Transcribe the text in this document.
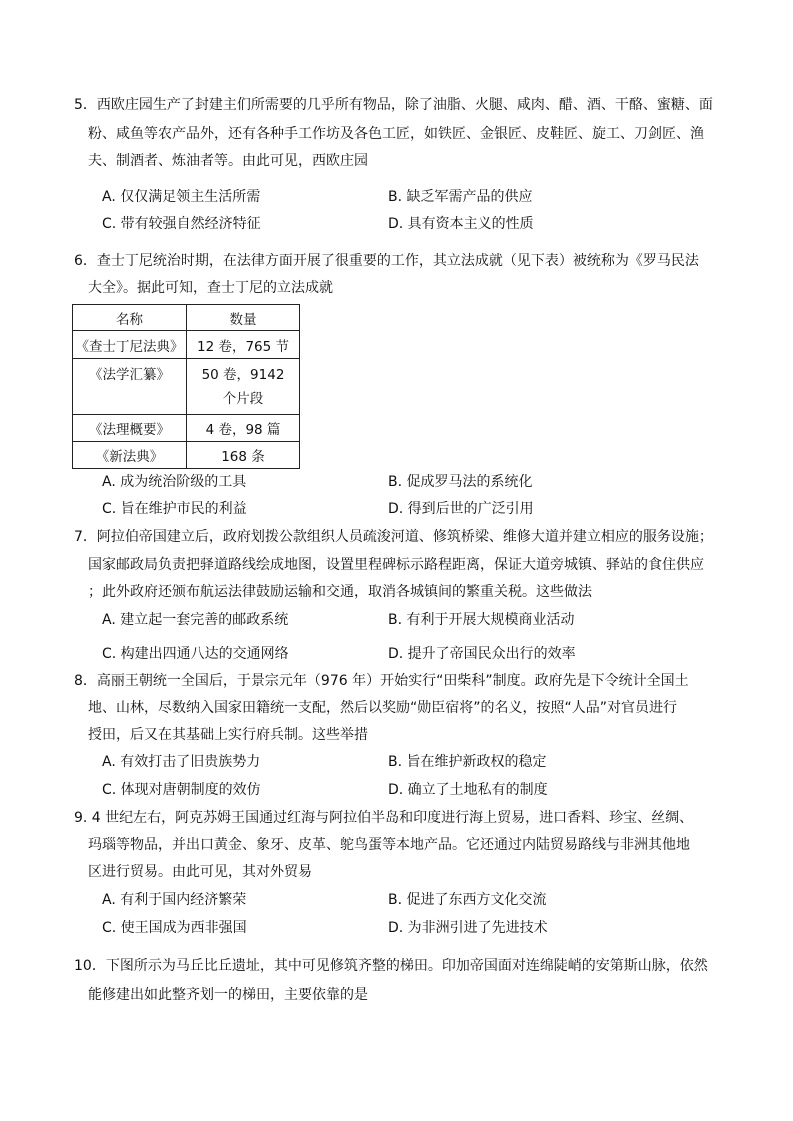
5．西欧庄园生产了封建主们所需要的几乎所有物品，除了油脂、火腿、咸肉、醋、酒、干酪、蜜糖、面
粉、咸鱼等农产品外，还有各种手工作坊及各色工匠，如铁匠、金银匠、皮鞋匠、旋工、刀剑匠、渔
夫、制酒者、炼油者等。由此可见，西欧庄园
A. 仅仅满足领主生活所需	B. 缺乏军需产品的供应
C. 带有较强自然经济特征	D. 具有资本主义的性质
6．查士丁尼统治时期，在法律方面开展了很重要的工作，其立法成就（见下表）被统称为《罗马民法
大全》。据此可知，查士丁尼的立法成就
名称	数量
《查士丁尼法典》	12 卷，765 节
《法学汇纂》	50 卷，9142 个片段
《法理概要》	4 卷，98 篇
《新法典》	168 条
A. 成为统治阶级的工具	B. 促成罗马法的系统化
C. 旨在维护市民的利益	D. 得到后世的广泛引用
7．阿拉伯帝国建立后，政府划拨公款组织人员疏浚河道、修筑桥梁、维修大道并建立相应的服务设施；
国家邮政局负责把驿道路线绘成地图，设置里程碑标示路程距离，保证大道旁城镇、驿站的食住供应
；此外政府还颁布航运法律鼓励运输和交通，取消各城镇间的繁重关税。这些做法
A. 建立起一套完善的邮政系统	B. 有利于开展大规模商业活动
C. 构建出四通八达的交通网络	D. 提升了帝国民众出行的效率
8．高丽王朝统一全国后，于景宗元年（976 年）开始实行“田柴科”制度。政府先是下令统计全国土
地、山林，尽数纳入国家田籍统一支配，然后以奖励“勋臣宿将”的名义，按照“人品”对官员进行
授田，后又在其基础上实行府兵制。这些举措
A. 有效打击了旧贵族势力	B. 旨在维护新政权的稳定
C. 体现对唐朝制度的效仿	D. 确立了土地私有的制度
9. 4 世纪左右，阿克苏姆王国通过红海与阿拉伯半岛和印度进行海上贸易，进口香料、珍宝、丝绸、
玛瑙等物品，并出口黄金、象牙、皮革、鸵鸟蛋等本地产品。它还通过内陆贸易路线与非洲其他地
区进行贸易。由此可见，其对外贸易
A. 有利于国内经济繁荣	B. 促进了东西方文化交流
C. 使王国成为西非强国	D. 为非洲引进了先进技术
10．下图所示为马丘比丘遗址，其中可见修筑齐整的梯田。印加帝国面对连绵陡峭的安第斯山脉，依然
能修建出如此整齐划一的梯田，主要依靠的是
